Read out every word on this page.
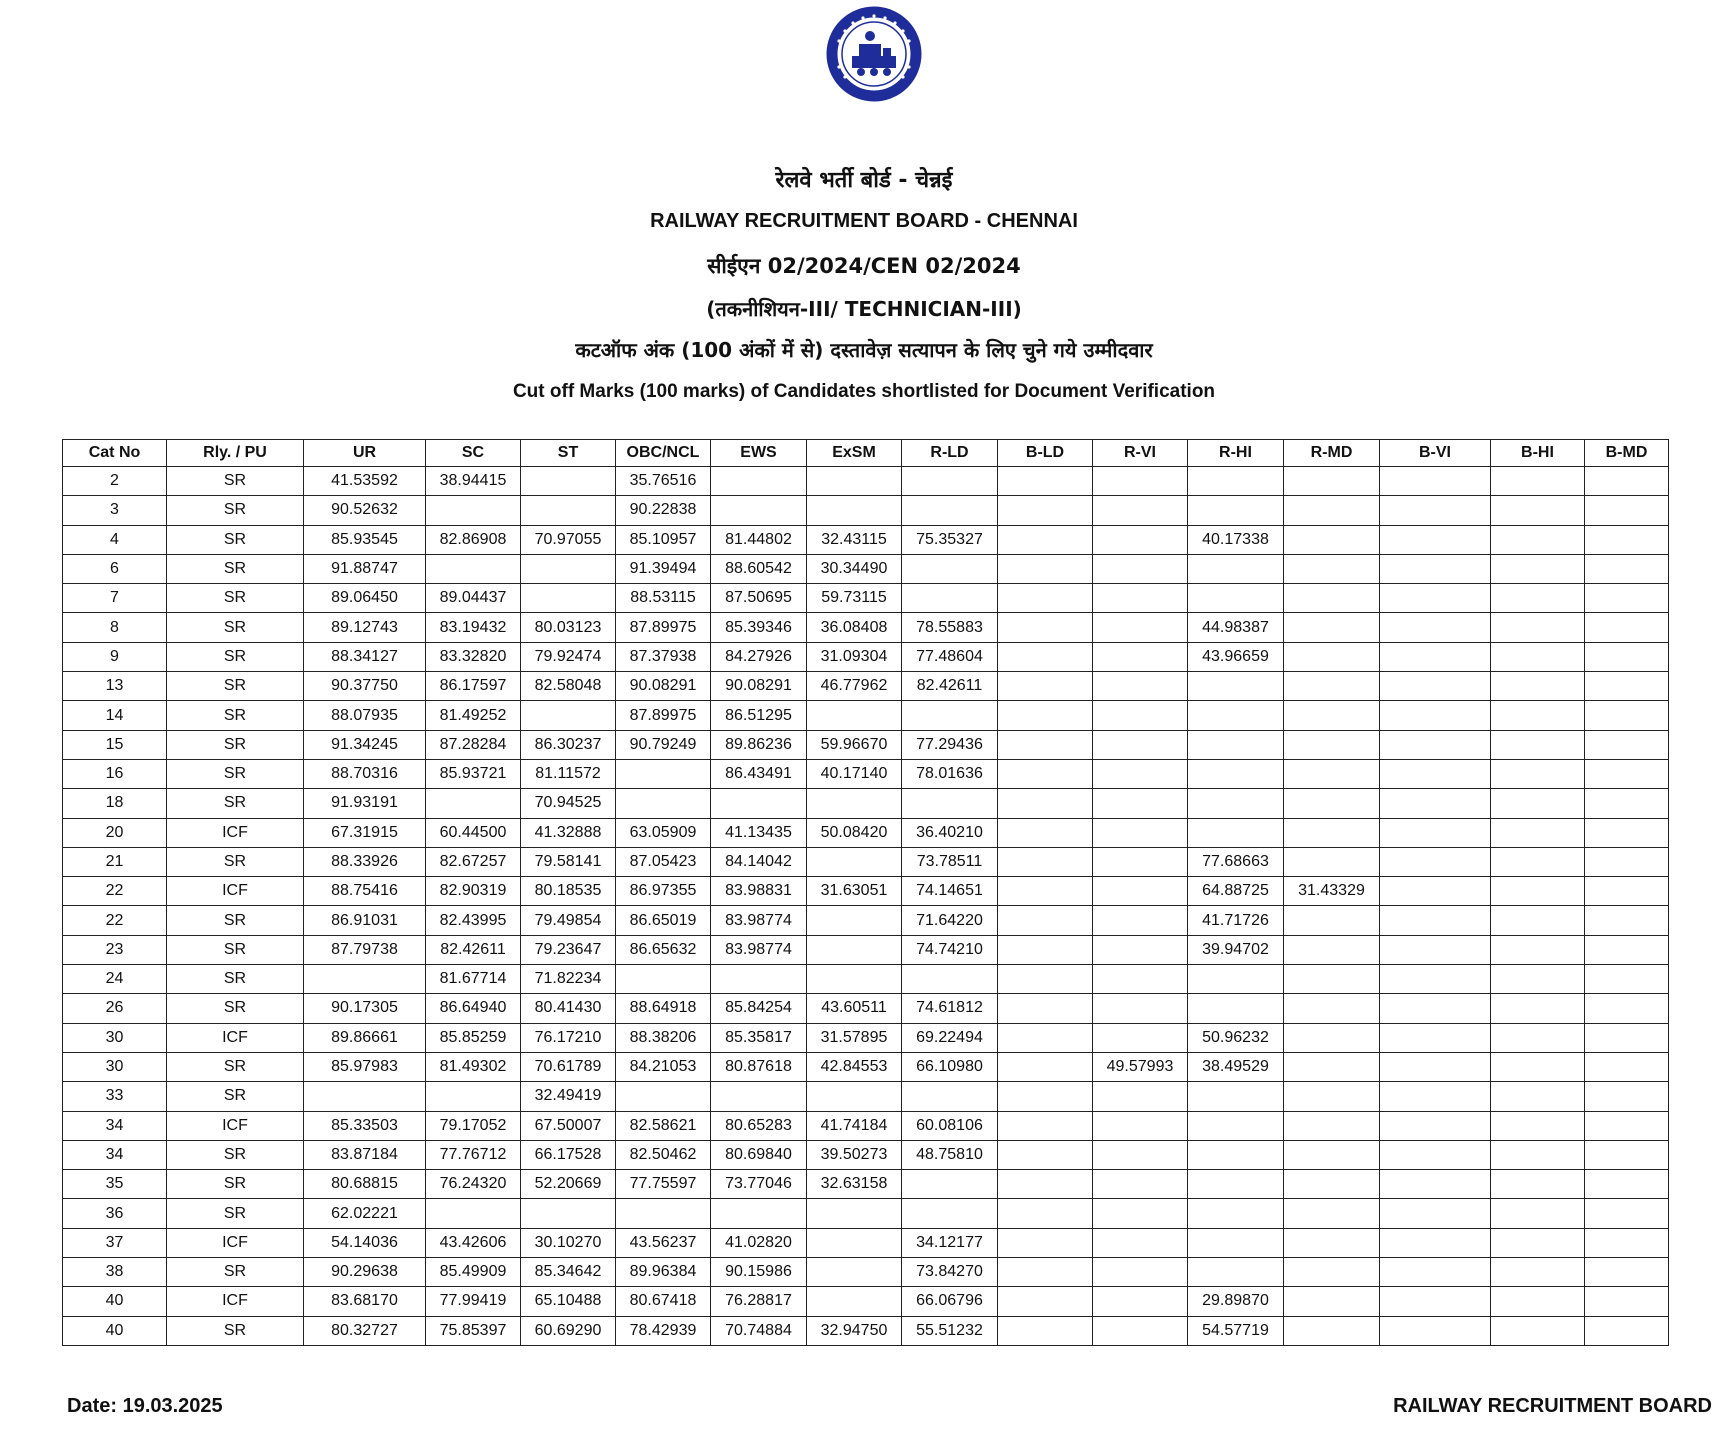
रेलवे भर्ती बोर्ड - चेन्नई
RAILWAY RECRUITMENT BOARD - CHENNAI
सीईएन 02/2024/CEN 02/2024
(तकनीशियन-III/ TECHNICIAN-III)
कटऑफ अंक (100 अंकों में से) दस्तावेज़ सत्यापन के लिए चुने गये उम्मीदवार
Cut off Marks (100 marks) of Candidates shortlisted for Document Verification
Cat No	Rly. / PU	UR	SC	ST	OBC/NCL	EWS	ExSM	R-LD	B-LD	R-VI	R-HI	R-MD	B-VI	B-HI	B-MD
2	SR	41.53592	38.94415		35.76516										
3	SR	90.52632			90.22838										
4	SR	85.93545	82.86908	70.97055	85.10957	81.44802	32.43115	75.35327			40.17338				
6	SR	91.88747			91.39494	88.60542	30.34490								
7	SR	89.06450	89.04437		88.53115	87.50695	59.73115								
8	SR	89.12743	83.19432	80.03123	87.89975	85.39346	36.08408	78.55883			44.98387				
9	SR	88.34127	83.32820	79.92474	87.37938	84.27926	31.09304	77.48604			43.96659				
13	SR	90.37750	86.17597	82.58048	90.08291	90.08291	46.77962	82.42611							
14	SR	88.07935	81.49252		87.89975	86.51295									
15	SR	91.34245	87.28284	86.30237	90.79249	89.86236	59.96670	77.29436							
16	SR	88.70316	85.93721	81.11572		86.43491	40.17140	78.01636							
18	SR	91.93191		70.94525											
20	ICF	67.31915	60.44500	41.32888	63.05909	41.13435	50.08420	36.40210							
21	SR	88.33926	82.67257	79.58141	87.05423	84.14042		73.78511			77.68663				
22	ICF	88.75416	82.90319	80.18535	86.97355	83.98831	31.63051	74.14651			64.88725	31.43329			
22	SR	86.91031	82.43995	79.49854	86.65019	83.98774		71.64220			41.71726				
23	SR	87.79738	82.42611	79.23647	86.65632	83.98774		74.74210			39.94702				
24	SR		81.67714	71.82234											
26	SR	90.17305	86.64940	80.41430	88.64918	85.84254	43.60511	74.61812							
30	ICF	89.86661	85.85259	76.17210	88.38206	85.35817	31.57895	69.22494			50.96232				
30	SR	85.97983	81.49302	70.61789	84.21053	80.87618	42.84553	66.10980		49.57993	38.49529				
33	SR			32.49419											
34	ICF	85.33503	79.17052	67.50007	82.58621	80.65283	41.74184	60.08106							
34	SR	83.87184	77.76712	66.17528	82.50462	80.69840	39.50273	48.75810							
35	SR	80.68815	76.24320	52.20669	77.75597	73.77046	32.63158								
36	SR	62.02221													
37	ICF	54.14036	43.42606	30.10270	43.56237	41.02820		34.12177							
38	SR	90.29638	85.49909	85.34642	89.96384	90.15986		73.84270							
40	ICF	83.68170	77.99419	65.10488	80.67418	76.28817		66.06796			29.89870				
40	SR	80.32727	75.85397	60.69290	78.42939	70.74884	32.94750	55.51232			54.57719				
Date: 19.03.2025	RAILWAY RECRUITMENT BOARD
